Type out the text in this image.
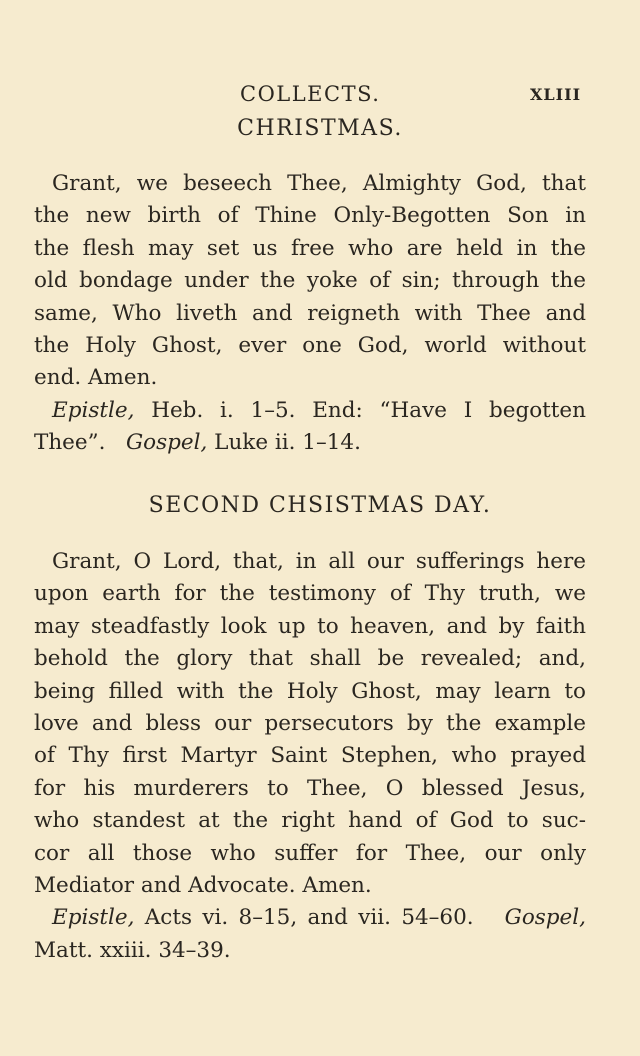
COLLECTS.	XLIII
CHRISTMAS.
Grant, we beseech Thee, Almighty God, that
the new birth of Thine Only-Begotten Son in
the flesh may set us free who are held in the
old bondage under the yoke of sin; through the
same, Who liveth and reigneth with Thee and
the Holy Ghost, ever one God, world without
end. Amen.
Epistle, Heb. i. 1–5. End: “Have I begotten
Thee”. Gospel, Luke ii. 1–14.
SECOND CHSISTMAS DAY.
Grant, O Lord, that, in all our sufferings here
upon earth for the testimony of Thy truth, we
may steadfastly look up to heaven, and by faith
behold the glory that shall be revealed; and,
being filled with the Holy Ghost, may learn to
love and bless our persecutors by the example
of Thy first Martyr Saint Stephen, who prayed
for his murderers to Thee, O blessed Jesus,
who standest at the right hand of God to suc-
cor all those who suffer for Thee, our only
Mediator and Advocate. Amen.
Epistle, Acts vi. 8–15, and vii. 54–60. Gospel,
Matt. xxiii. 34–39.
